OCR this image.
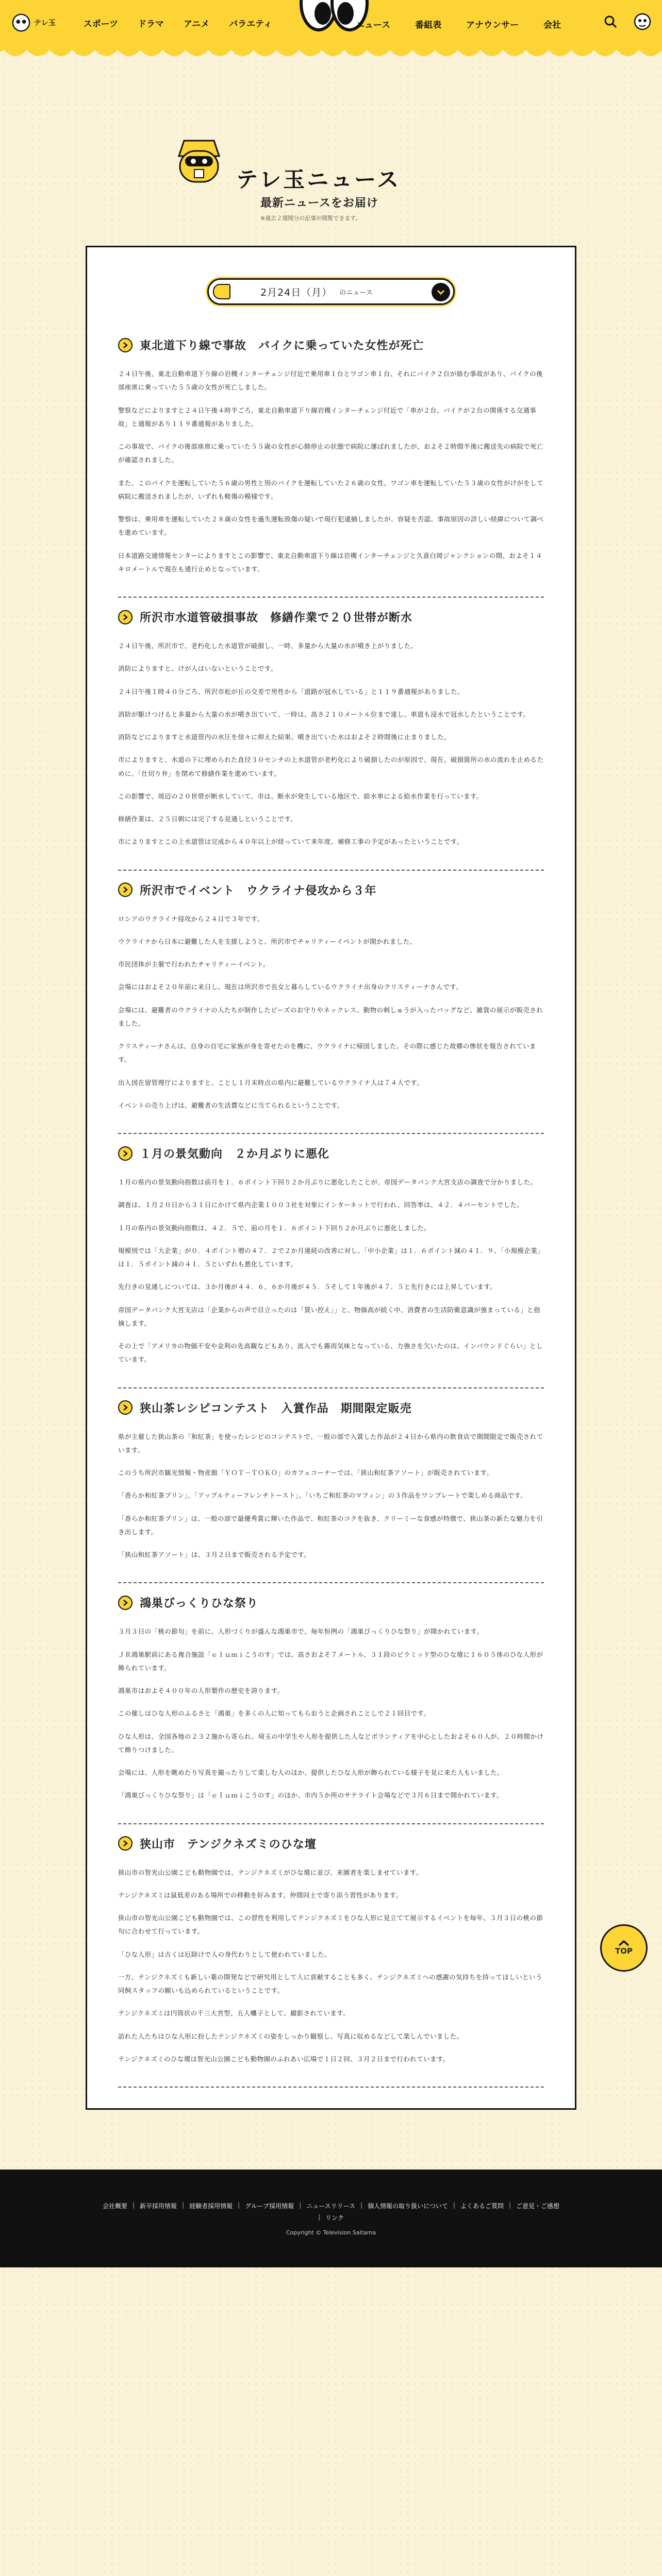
テレ玉	スポーツ ドラマ アニメ バラエティ	ニュース	番組表	アナウンサー	会社
テレ玉ニュース
最新ニュースをお届け
※過去２週間分の記事が閲覧できます。
2月24日（月） のニュース
東北道下り線で事故　バイクに乗っていた女性が死亡

２４日午後、東北自動車道下り線の岩槻インターチェンジ付近で乗用車１台とワゴン車１台、それにバイク２台が絡む事故があり、バイクの後部座席に乗っていた５５歳の女性が死亡しました。

警察などによりますと２４日午後４時半ごろ、東北自動車道下り線岩槻インターチェンジ付近で「車が２台、バイクが２台の関係する交通事故」と通報があり１１９番通報がありました。

この事故で、バイクの後部座席に乗っていた５５歳の女性が心肺停止の状態で病院に運ばれましたが、およそ２時間半後に搬送先の病院で死亡が確認されました。

また、このバイクを運転していた５６歳の男性と別のバイクを運転していた２６歳の女性、ワゴン車を運転していた５３歳の女性がけがをして病院に搬送されましたが、いずれも軽傷の模様です。

警察は、乗用車を運転していた２８歳の女性を過失運転致傷の疑いで現行犯逮捕しましたが、容疑を否認。事故原因の詳しい経緯について調べを進めています。

日本道路交通情報センターによりますとこの影響で、東北自動車道下り線は岩槻インターチェンジと久喜白岡ジャンクションの間、およそ１４キロメートルで現在も通行止めとなっています。

所沢市水道管破損事故　修繕作業で２０世帯が断水

２４日午後、所沢市で、老朽化した水道管が破損し、一時、多量から大量の水が噴き上がりました。

消防によりますと、けが人はいないということです。

２４日午後１時４０分ごろ、所沢市松が丘の交差で男性から「道路が冠水している」と１１９番通報がありました。

消防が駆けつけると多量から大量の水が噴き出ていて、一時は、高さ２１０メートル位まで達し、車道も浸水で冠水したということです。

消防などによりますと水道管内の水圧を徐々に抑えた結果、噴き出ていた水はおよそ２時間後に止まりました。

市によりますと、水道の下に埋められた直径３０センチの上水道管が老朽化により破損したのが原因で、現在、破損箇所の水の流れを止めるために、「仕切り弁」を閉めて修繕作業を進めています。

この影響で、周辺の２０世帯が断水していて、市は、断水が発生している地区で、給水車による給水作業を行っています。

修繕作業は、２５日朝には完了する見通しということです。

市によりますとこの上水道管は完成から４０年以上が経っていて来年度、補修工事の予定があったということです。

所沢市でイベント　ウクライナ侵攻から３年

ロシアのウクライナ侵攻から２４日で３年です。

ウクライナから日本に避難した人を支援しようと、所沢市でチャリティーイベントが開かれました。

市民団体が主催で行われたチャリティーイベント。

会場にはおよそ２０年前に来日し、現在は所沢市で長女と暮らしているウクライナ出身のクリスティーナさんです。

会場には、避難者のウクライナの人たちが制作したビーズのお守りやネックレス、動物の刺しゅうが入ったバッグなど、雑貨の展示が販売されました。

クリスティーナさんは、自身の自宅に家族が身を寄せたのを機に、ウクライナに帰国しました。その際に感じた故郷の惨状を報告されています。

出入国在留管理庁によりますと、ことし１月末時点の県内に避難しているウクライナ人は７４人です。

イベントの売り上げは、避難者の生活費などに当てられるということです。

１月の景気動向　２か月ぶりに悪化

１月の県内の景気動向指数は前月を１．６ポイント下回り２か月ぶりに悪化したことが、帝国データバンク大宮支店の調査で分かりました。

調査は、１月２０日から３１日にかけて県内企業１００３社を対象にインターネットで行われ、回答率は、４２．４パーセントでした。

１月の県内の景気動向指数は、４２．５で、前の月を１．６ポイント下回り２か月ぶりに悪化しました。

規模別では「大企業」が０．４ポイント増の４７．２で２か月連続の改善に対し、「中小企業」は１．６ポイント減の４１．９、「小規模企業」は１．５ポイント減の４１．５といずれも悪化しています。

先行きの見通しについては、３か月後が４４．６、６か月後が４５．５そして１年後が４７．５と先行きには上昇しています。

帝国データバンク大宮支店は「企業からの声で目立ったのは「賃い控え」」と、物価高が続く中、消費者の生活防衛意識が強まっている」と指摘します。

その上で「アメリカの物価不安や金利の先高観などもあり、流入でも霧雨気味となっている、力強さを欠いたのは、インバウンドぐらい」としています。

狭山茶レシピコンテスト　入賞作品　期間限定販売

県が主催した狭山茶の「和紅茶」を使ったレシピのコンテストで、一般の部で入賞した作品が２４日から県内の飲食店で期間限定で販売されています。

このうち所沢市観光情報・物産館「ＹＯＴ－ＴＯＫＯ」のカフェコーナーでは、「狭山和紅茶アソート」が販売されています。

「香らか和紅茶プリン」、「アップルティーフレンチトースト」、「いちご和紅茶のマフィン」の３作品をワンプレートで楽しめる商品です。

「香らか和紅茶プリン」は、一般の部で最優秀賞に輝いた作品で、和紅茶のコクを抜き、クリーミーな食感が特徴で、狭山茶の新たな魅力を引き出します。

「狭山和紅茶アソート」は、３月２日まで販売される予定です。

鴻巣びっくりひな祭り

３月３日の「桃の節句」を前に、人形づくりが盛んな鴻巣市で、毎年恒例の「鴻巣びっくりひな祭り」が開かれています。

ＪＲ鴻巣駅前にある複合施設「ｅｌｕｍｉこうのす」では、高さおよそ７メートル、３１段のピラミッド型のひな壇に１６０５体のひな人形が飾られています。

鴻巣市はおよそ４００年の人形製作の歴史を誇ります。

この催しはひな人形のふるさと「鴻巣」を多くの人に知ってもらおうと企画されことしで２１回目です。

ひな人形は、全国各地の２３２施から寄られ、埼玉の中学生や人形を提供した人などボランティアを中心としたおよそ６０人が、２０時間かけて飾りつけました。

会場には、人形を眺めたり写真を撮ったりして楽しむ人のほか、提供したひな人形が飾られている様子を見に来た人もいました。

「鴻巣びっくりひな祭り」は「ｅｌｕｍｉこうのす」のほか、市内５か所のサテライト会場などで３月６日まで開かれています。

狭山市　テンジクネズミのひな壇

狭山市の智光山公園こども動物園では、テンジクネズミがひな壇に並び、来園者を楽しませています。

テンジクネズミは鼠低差のある場所での移動を好みます。仲間同士で寄り添う習性があります。

狭山市の智光山公園こども動物園では、この習性を利用してテンジクネズミをひな人形に見立てて展示するイベントを毎年、３月３日の桃の節句に合わせて行っています。

「ひな人形」は古くは厄除けで人の身代わりとして使われていました。

一方、テンジクネズミも新しい薬の開発などで研究用として人に貢献することも多く、テンジクネズミへの感謝の気持ちを持ってほしいという同飼スタッフの願いも込められているということです。

テンジクネズミは円筒状の千三大宮型、五人囃子として、撮影されています。

訪れた人たちはひな人形に扮したテンジクネズミの姿をしっかり観察し、写真に収めるなどして楽しんでいました。

テンジクネズミのひな壇は智光山公園こども動物園のふれあい広場で１日２回、３月２日まで行われています。

TOP
会社概要 | 新卒採用情報 | 経験者採用情報 | グループ採用情報 | ニュースリリース | 個人情報の取り扱いについて | よくあるご質問 | ご意見・ご感想
| リンク
Copyright © Television Saitama
